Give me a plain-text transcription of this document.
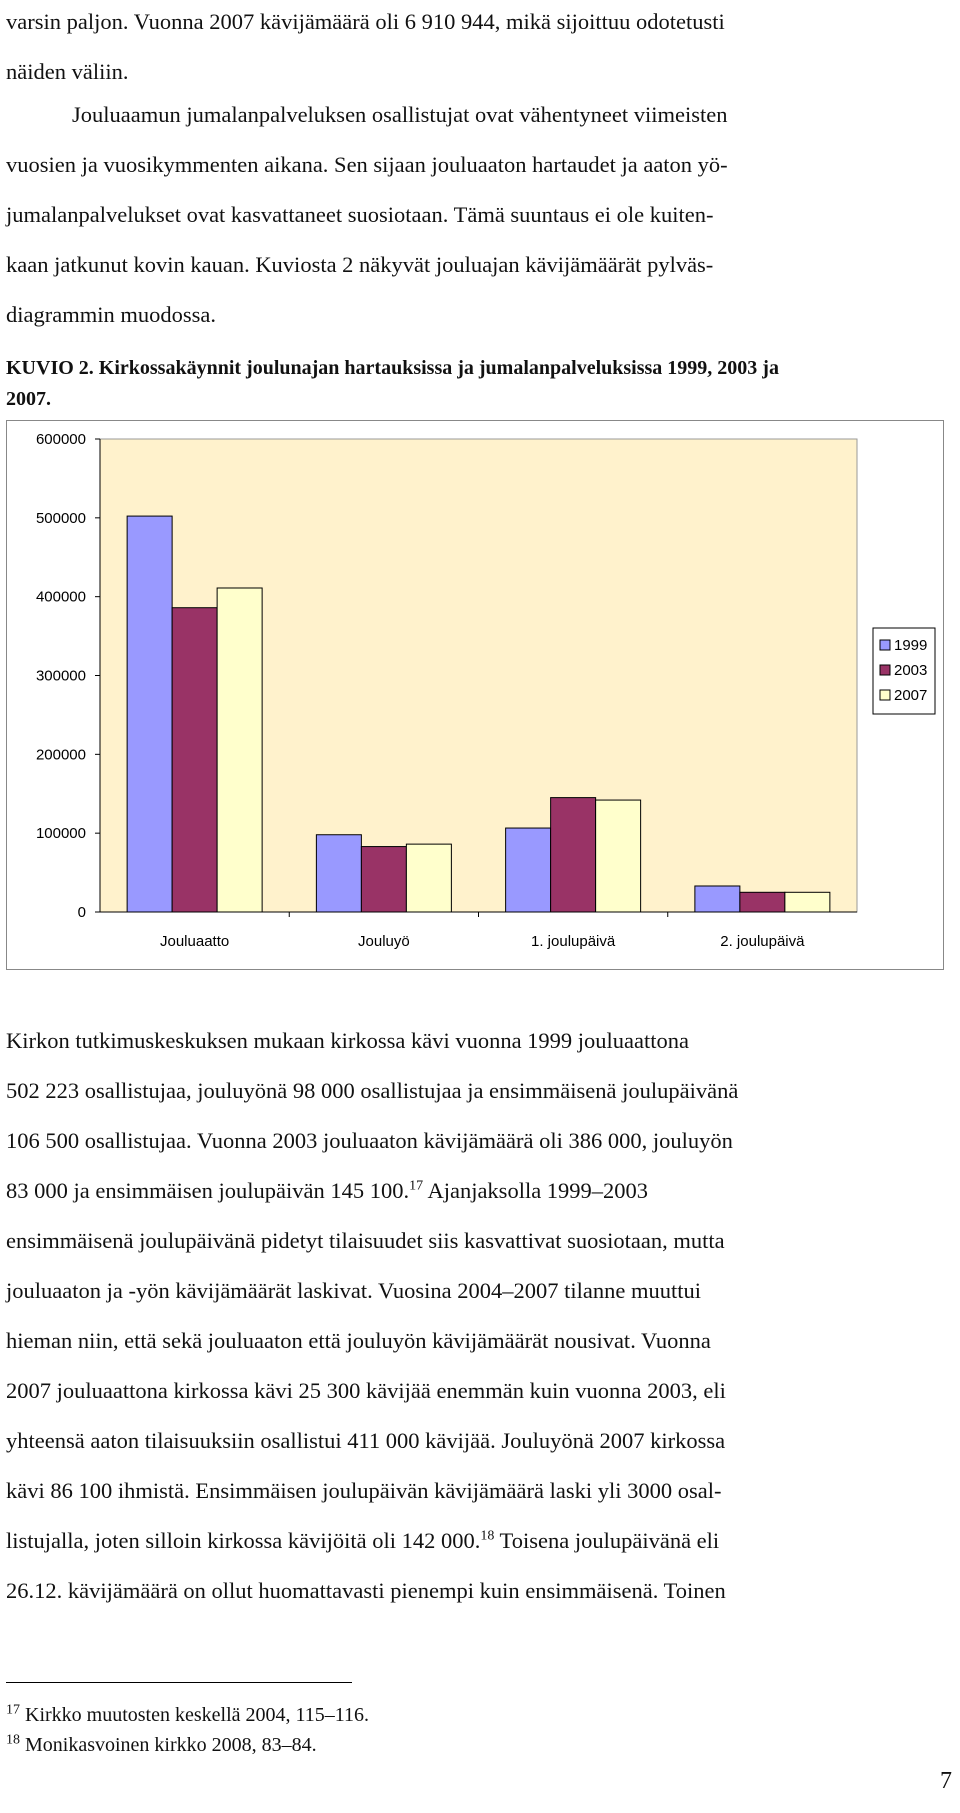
varsin paljon. Vuonna 2007 kävijämäärä oli 6 910 944, mikä sijoittuu odotetusti
näiden väliin.

Jouluaamun jumalanpalveluksen osallistujat ovat vähentyneet viimeisten
vuosien ja vuosikymmenten aikana. Sen sijaan jouluaaton hartaudet ja aaton yö-
jumalanpalvelukset ovat kasvattaneet suosiotaan. Tämä suuntaus ei ole kuiten-
kaan jatkunut kovin kauan. Kuviosta 2 näkyvät jouluajan kävijämäärät pylväs-
diagrammin muodossa.

KUVIO 2. Kirkossakäynnit joulunajan hartauksissa ja jumalanpalveluksissa 1999, 2003 ja
2007.

0
100000
200000
300000
400000
500000
600000
Jouluaatto	Jouluyö	1. joulupäivä	2. joulupäivä
1999
2003
2007

Kirkon tutkimuskeskuksen mukaan kirkossa kävi vuonna 1999 jouluaattona
502 223 osallistujaa, jouluyönä 98 000 osallistujaa ja ensimmäisenä joulupäivänä
106 500 osallistujaa. Vuonna 2003 jouluaaton kävijämäärä oli 386 000, jouluyön
83 000 ja ensimmäisen joulupäivän 145 100.17 Ajanjaksolla 1999–2003
ensimmäisenä joulupäivänä pidetyt tilaisuudet siis kasvattivat suosiotaan, mutta
jouluaaton ja -yön kävijämäärät laskivat. Vuosina 2004–2007 tilanne muuttui
hieman niin, että sekä jouluaaton että jouluyön kävijämäärät nousivat. Vuonna
2007 jouluaattona kirkossa kävi 25 300 kävijää enemmän kuin vuonna 2003, eli
yhteensä aaton tilaisuuksiin osallistui 411 000 kävijää. Jouluyönä 2007 kirkossa
kävi 86 100 ihmistä. Ensimmäisen joulupäivän kävijämäärä laski yli 3000 osal-
listujalla, joten silloin kirkossa kävijöitä oli 142 000.18 Toisena joulupäivänä eli
26.12. kävijämäärä on ollut huomattavasti pienempi kuin ensimmäisenä. Toinen

$^{17}$ Kirkko muutosten keskellä 2004, 115–116.
$^{18}$ Monikasvoinen kirkko 2008, 83–84.
7
